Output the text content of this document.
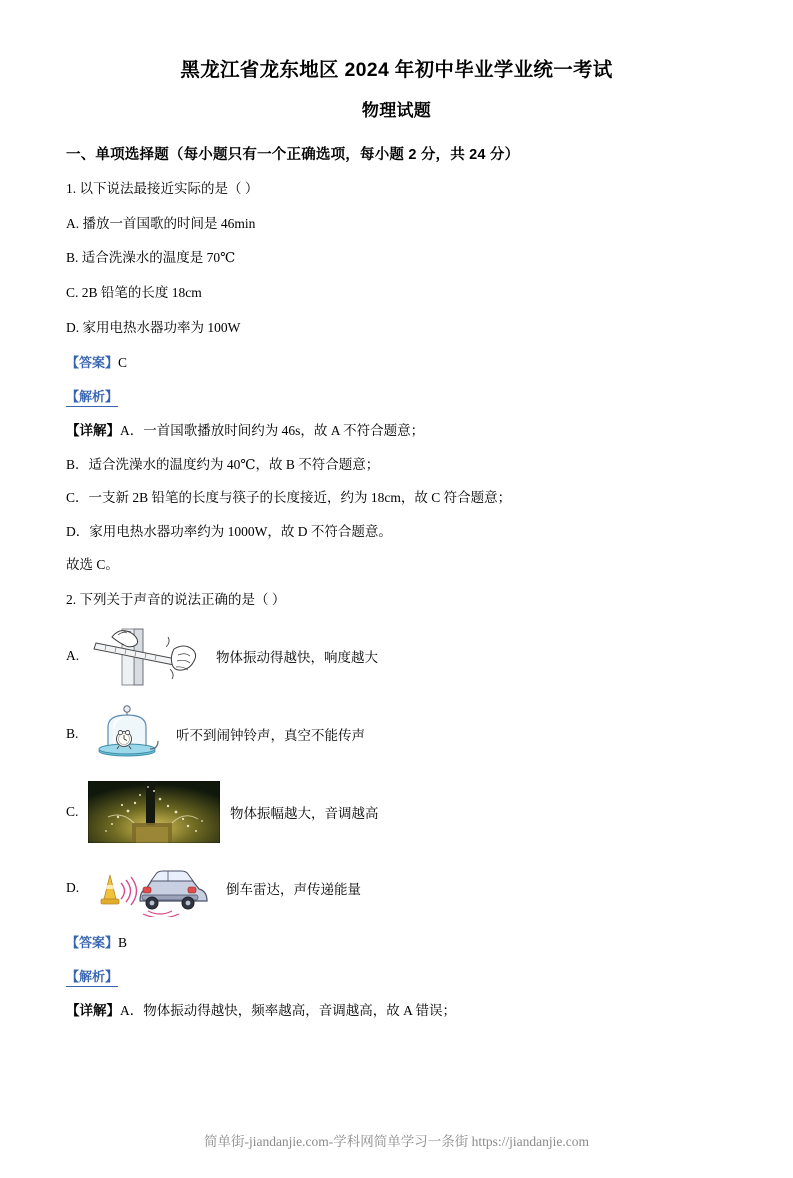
黑龙江省龙东地区 2024 年初中毕业学业统一考试
物理试题
一、单项选择题（每小题只有一个正确选项，每小题 2 分，共 24 分）
1. 以下说法最接近实际的是（ ）
A. 播放一首国歌的时间是 46min
B. 适合洗澡水的温度是 70℃
C. 2B 铅笔的长度 18cm
D. 家用电热水器功率为 100W
【答案】C
【解析】
【详解】A．一首国歌播放时间约为 46s，故 A 不符合题意；
B．适合洗澡水的温度约为 40℃，故 B 不符合题意；
C．一支新 2B 铅笔的长度与筷子的长度接近，约为 18cm，故 C 符合题意；
D．家用电热水器功率约为 1000W，故 D 不符合题意。
故选 C。
2. 下列关于声音的说法正确的是（ ）
A.	物体振动得越快，响度越大
B.	听不到闹钟铃声，真空不能传声
C.	物体振幅越大，音调越高
D.	倒车雷达，声传递能量
【答案】B
【解析】
【详解】A．物体振动得越快，频率越高，音调越高，故 A 错误；
简单街-jiandanjie.com-学科网简单学习一条街 https://jiandanjie.com
